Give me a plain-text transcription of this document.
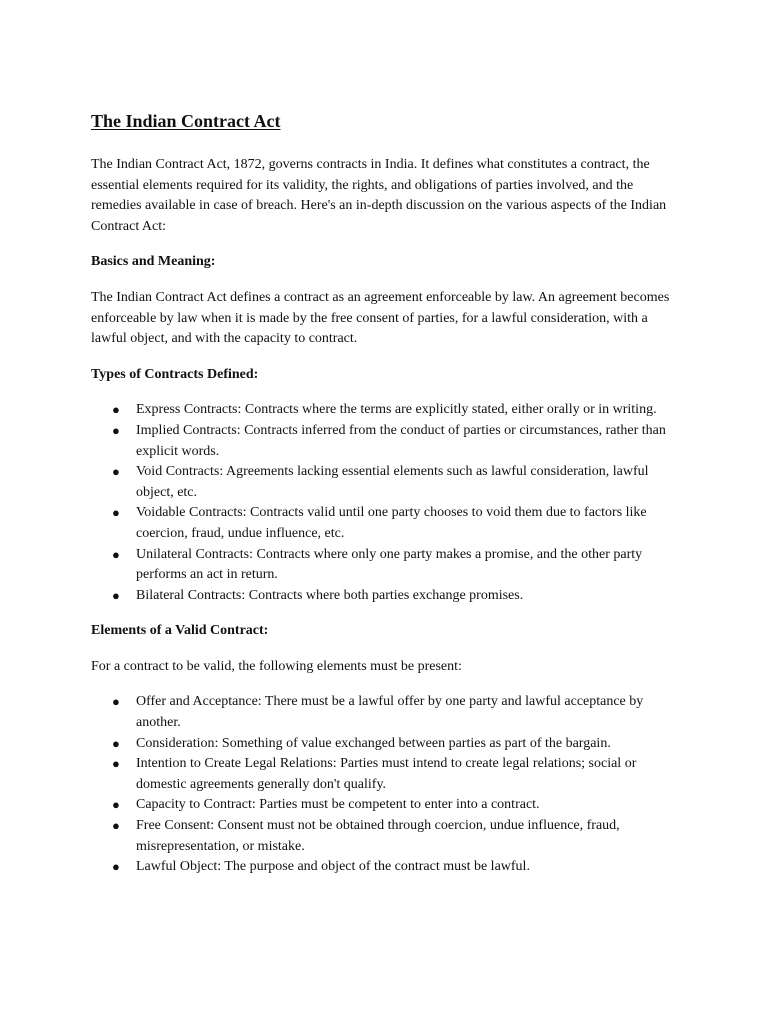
The Indian Contract Act

The Indian Contract Act, 1872, governs contracts in India. It defines what constitutes a contract, the essential elements required for its validity, the rights, and obligations of parties involved, and the remedies available in case of breach. Here's an in-depth discussion on the various aspects of the Indian Contract Act:

Basics and Meaning:

The Indian Contract Act defines a contract as an agreement enforceable by law. An agreement becomes enforceable by law when it is made by the free consent of parties, for a lawful consideration, with a lawful object, and with the capacity to contract.

Types of Contracts Defined:

● Express Contracts: Contracts where the terms are explicitly stated, either orally or in writing.
● Implied Contracts: Contracts inferred from the conduct of parties or circumstances, rather than explicit words.
● Void Contracts: Agreements lacking essential elements such as lawful consideration, lawful object, etc.
● Voidable Contracts: Contracts valid until one party chooses to void them due to factors like coercion, fraud, undue influence, etc.
● Unilateral Contracts: Contracts where only one party makes a promise, and the other party performs an act in return.
● Bilateral Contracts: Contracts where both parties exchange promises.

Elements of a Valid Contract:

For a contract to be valid, the following elements must be present:

● Offer and Acceptance: There must be a lawful offer by one party and lawful acceptance by another.
● Consideration: Something of value exchanged between parties as part of the bargain.
● Intention to Create Legal Relations: Parties must intend to create legal relations; social or domestic agreements generally don't qualify.
● Capacity to Contract: Parties must be competent to enter into a contract.
● Free Consent: Consent must not be obtained through coercion, undue influence, fraud, misrepresentation, or mistake.
● Lawful Object: The purpose and object of the contract must be lawful.
